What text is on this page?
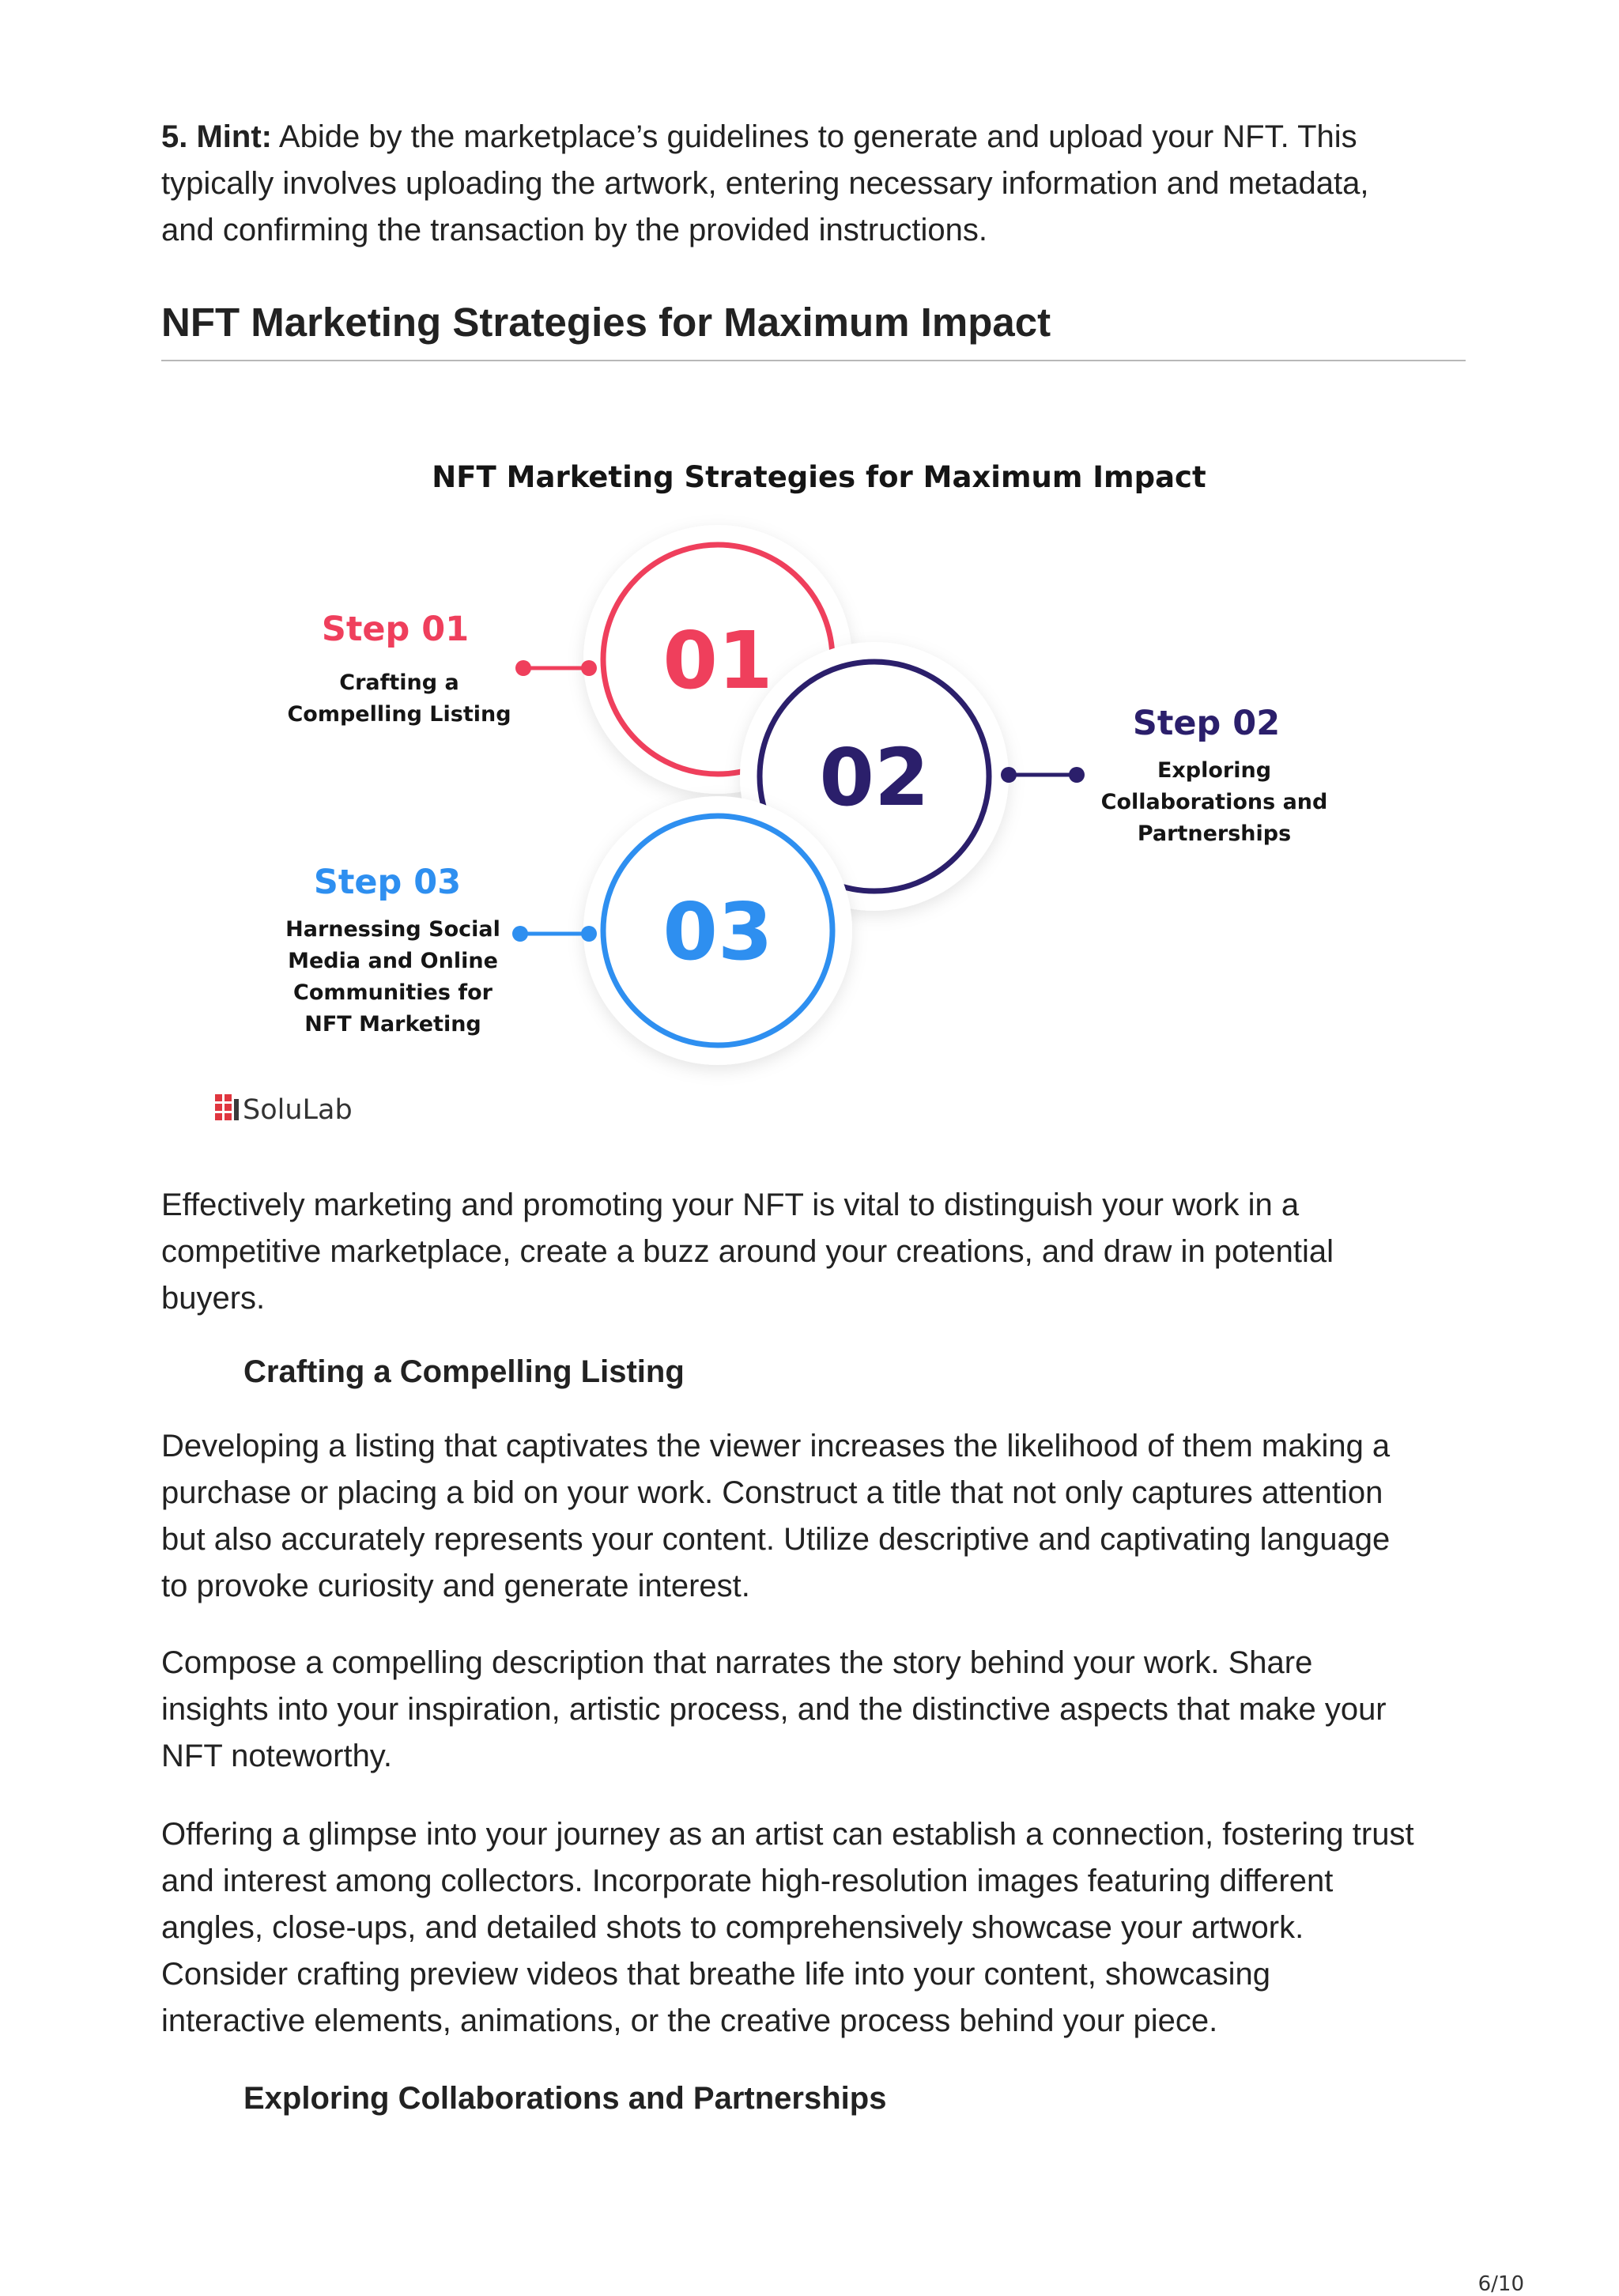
5. Mint: Abide by the marketplace’s guidelines to generate and upload your NFT. This
typically involves uploading the artwork, entering necessary information and metadata,
and confirming the transaction by the provided instructions.

NFT Marketing Strategies for Maximum Impact

Effectively marketing and promoting your NFT is vital to distinguish your work in a
competitive marketplace, create a buzz around your creations, and draw in potential
buyers.

Crafting a Compelling Listing

Developing a listing that captivates the viewer increases the likelihood of them making a
purchase or placing a bid on your work. Construct a title that not only captures attention
but also accurately represents your content. Utilize descriptive and captivating language
to provoke curiosity and generate interest.

Compose a compelling description that narrates the story behind your work. Share
insights into your inspiration, artistic process, and the distinctive aspects that make your
NFT noteworthy.

Offering a glimpse into your journey as an artist can establish a connection, fostering trust
and interest among collectors. Incorporate high-resolution images featuring different
angles, close-ups, and detailed shots to comprehensively showcase your artwork.
Consider crafting preview videos that breathe life into your content, showcasing
interactive elements, animations, or the creative process behind your piece.

Exploring Collaborations and Partnerships
NFT Marketing Strategies for Maximum Impact
01
02
03
Step 01
Crafting a
Compelling Listing	Step 02
Exploring
Collaborations and
Partnerships
Step 03
Harnessing Social
Media and Online
Communities for
NFT Marketing
SoluLab
6/10
